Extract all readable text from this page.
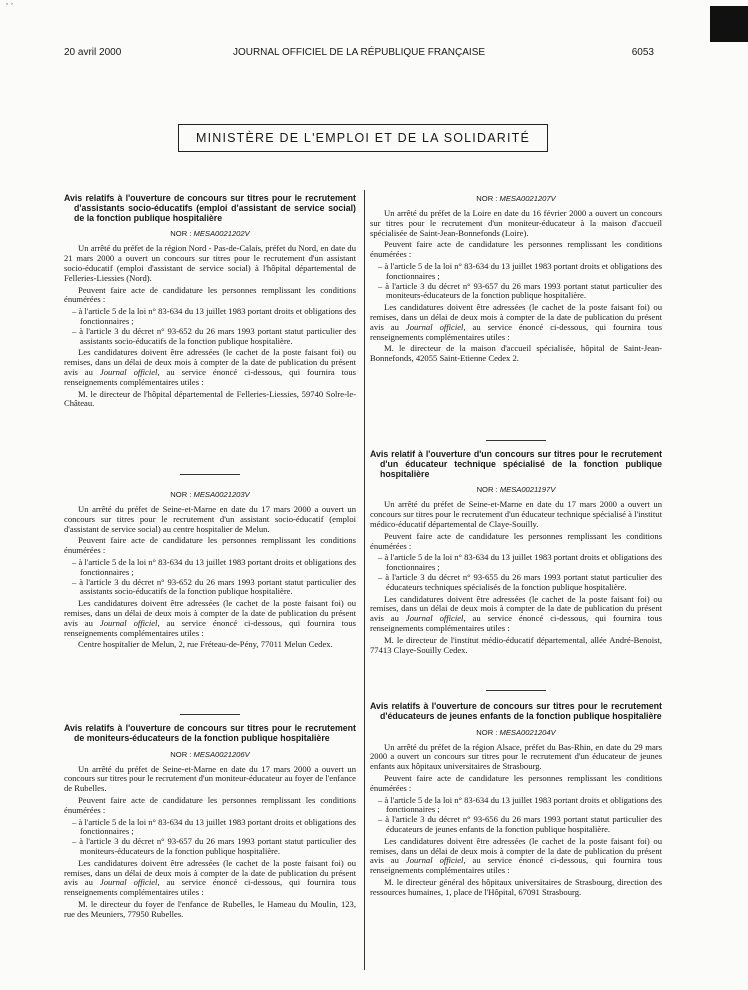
ʼ ˊ
20 avril 2000	JOURNAL OFFICIEL DE LA RÉPUBLIQUE FRANÇAISE	6053
MINISTÈRE DE L'EMPLOI ET DE LA SOLIDARITÉ

Avis relatifs à l'ouverture de concours sur titres pour le recrutement d'assistants socio-éducatifs (emploi d'assistant de service social) de la fonction publique hospitalière

NOR : MESA0021202V

Un arrêté du préfet de la région Nord - Pas-de-Calais, préfet du Nord, en date du 21 mars 2000 a ouvert un concours sur titres pour le recrutement d'un assistant socio-éducatif (emploi d'assistant de service social) à l'hôpital départemental de Felleries-Liessies (Nord).

Peuvent faire acte de candidature les personnes remplissant les conditions énumérées :

– à l'article 5 de la loi n° 83-634 du 13 juillet 1983 portant droits et obligations des fonctionnaires ;
– à l'article 3 du décret n° 93-652 du 26 mars 1993 portant statut particulier des assistants socio-éducatifs de la fonction publique hospitalière.

Les candidatures doivent être adressées (le cachet de la poste faisant foi) ou remises, dans un délai de deux mois à compter de la date de publication du présent avis au Journal officiel, au service énoncé ci-dessous, qui fournira tous renseignements complémentaires utiles :

M. le directeur de l'hôpital départemental de Felleries-Liessies, 59740 Solre-le-Château.

NOR : MESA0021203V

Un arrêté du préfet de Seine-et-Marne en date du 17 mars 2000 a ouvert un concours sur titres pour le recrutement d'un assistant socio-éducatif (emploi d'assistant de service social) au centre hospitalier de Melun.

Peuvent faire acte de candidature les personnes remplissant les conditions énumérées :

– à l'article 5 de la loi n° 83-634 du 13 juillet 1983 portant droits et obligations des fonctionnaires ;
– à l'article 3 du décret n° 93-652 du 26 mars 1993 portant statut particulier des assistants socio-éducatifs de la fonction publique hospitalière.

Les candidatures doivent être adressées (le cachet de la poste faisant foi) ou remises, dans un délai de deux mois à compter de la date de publication du présent avis au Journal officiel, au service énoncé ci-dessous, qui fournira tous renseignements complémentaires utiles :

Centre hospitalier de Melun, 2, rue Fréteau-de-Pény, 77011 Melun Cedex.

Avis relatifs à l'ouverture de concours sur titres pour le recrutement de moniteurs-éducateurs de la fonction publique hospitalière

NOR : MESA0021206V

Un arrêté du préfet de Seine-et-Marne en date du 17 mars 2000 a ouvert un concours sur titres pour le recrutement d'un moniteur-éducateur au foyer de l'enfance de Rubelles.

Peuvent faire acte de candidature les personnes remplissant les conditions énumérées :

– à l'article 5 de la loi n° 83-634 du 13 juillet 1983 portant droits et obligations des fonctionnaires ;
– à l'article 3 du décret n° 93-657 du 26 mars 1993 portant statut particulier des moniteurs-éducateurs de la fonction publique hospitalière.

Les candidatures doivent être adressées (le cachet de la poste faisant foi) ou remises, dans un délai de deux mois à compter de la date de publication du présent avis au Journal officiel, au service énoncé ci-dessous, qui fournira tous renseignements complémentaires utiles :

M. le directeur du foyer de l'enfance de Rubelles, le Hameau du Moulin, 123, rue des Meuniers, 77950 Rubelles.

NOR : MESA0021207V

Un arrêté du préfet de la Loire en date du 16 février 2000 a ouvert un concours sur titres pour le recrutement d'un moniteur-éducateur à la maison d'accueil spécialisée de Saint-Jean-Bonnefonds (Loire).

Peuvent faire acte de candidature les personnes remplissant les conditions énumérées :

– à l'article 5 de la loi n° 83-634 du 13 juillet 1983 portant droits et obligations des fonctionnaires ;
– à l'article 3 du décret n° 93-657 du 26 mars 1993 portant statut particulier des moniteurs-éducateurs de la fonction publique hospitalière.

Les candidatures doivent être adressées (le cachet de la poste faisant foi) ou remises, dans un délai de deux mois à compter de la date de publication du présent avis au Journal officiel, au service énoncé ci-dessous, qui fournira tous renseignements complémentaires utiles :

M. le directeur de la maison d'accueil spécialisée, hôpital de Saint-Jean-Bonnefonds, 42055 Saint-Etienne Cedex 2.

Avis relatif à l'ouverture d'un concours sur titres pour le recrutement d'un éducateur technique spécialisé de la fonction publique hospitalière

NOR : MESA0021197V

Un arrêté du préfet de Seine-et-Marne en date du 17 mars 2000 a ouvert un concours sur titres pour le recrutement d'un éducateur technique spécialisé à l'institut médico-éducatif départemental de Claye-Souilly.

Peuvent faire acte de candidature les personnes remplissant les conditions énumérées :

– à l'article 5 de la loi n° 83-634 du 13 juillet 1983 portant droits et obligations des fonctionnaires ;
– à l'article 3 du décret n° 93-655 du 26 mars 1993 portant statut particulier des éducateurs techniques spécialisés de la fonction publique hospitalière.

Les candidatures doivent être adressées (le cachet de la poste faisant foi) ou remises, dans un délai de deux mois à compter de la date de publication du présent avis au Journal officiel, au service énoncé ci-dessous, qui fournira tous renseignements complémentaires utiles :

M. le directeur de l'institut médio-éducatif départemental, allée André-Benoist, 77413 Claye-Souilly Cedex.

Avis relatifs à l'ouverture de concours sur titres pour le recrutement d'éducateurs de jeunes enfants de la fonction publique hospitalière

NOR : MESA0021204V

Un arrêté du préfet de la région Alsace, préfet du Bas-Rhin, en date du 29 mars 2000 a ouvert un concours sur titres pour le recrutement d'un éducateur de jeunes enfants aux hôpitaux universitaires de Strasbourg.

Peuvent faire acte de candidature les personnes remplissant les conditions énumérées :

– à l'article 5 de la loi n° 83-634 du 13 juillet 1983 portant droits et obligations des fonctionnaires ;
– à l'article 3 du décret n° 93-656 du 26 mars 1993 portant statut particulier des éducateurs de jeunes enfants de la fonction publique hospitalière.

Les candidatures doivent être adressées (le cachet de la poste faisant foi) ou remises, dans un délai de deux mois à compter de la date de publication du présent avis au Journal officiel, au service énoncé ci-dessous, qui fournira tous renseignements complémentaires utiles :

M. le directeur général des hôpitaux universitaires de Strasbourg, direction des ressources humaines, 1, place de l'Hôpital, 67091 Strasbourg.
